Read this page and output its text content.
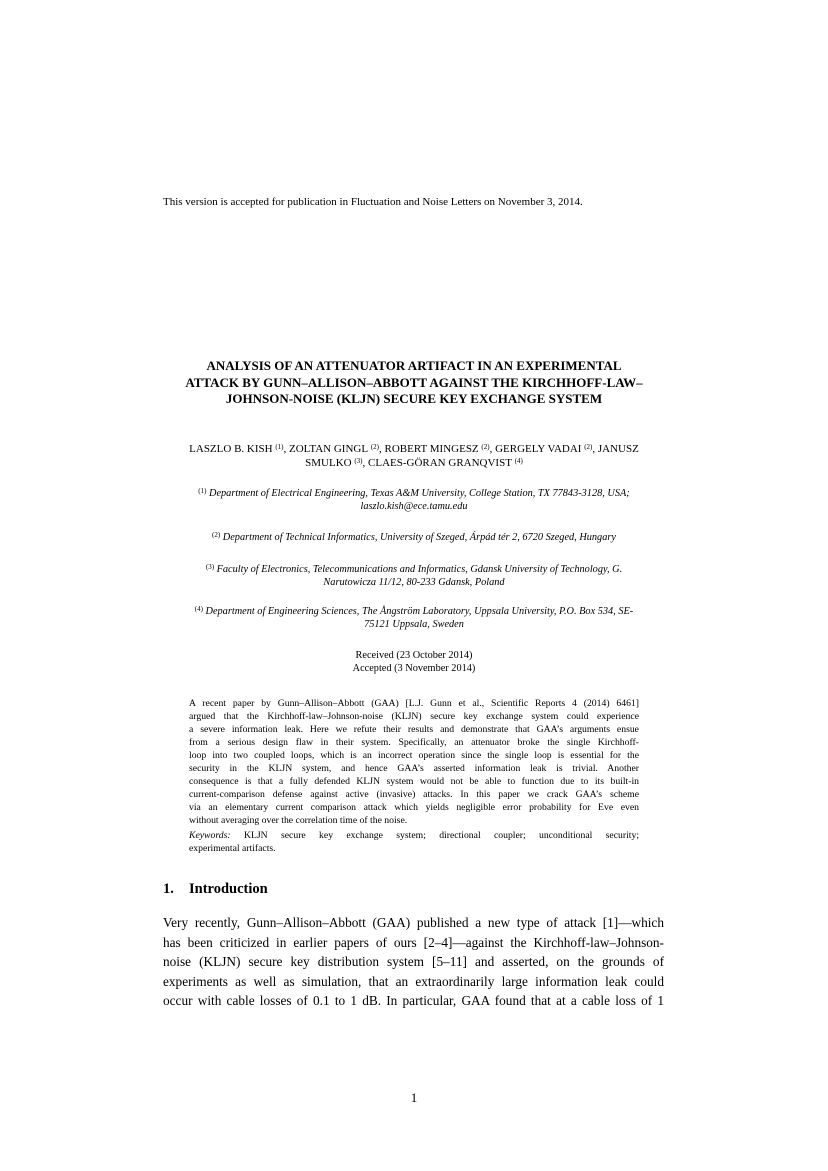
This version is accepted for publication in Fluctuation and Noise Letters on November 3, 2014.
ANALYSIS OF AN ATTENUATOR ARTIFACT IN AN EXPERIMENTAL
ATTACK BY GUNN–ALLISON–ABBOTT AGAINST THE KIRCHHOFF-LAW–
JOHNSON-NOISE (KLJN) SECURE KEY EXCHANGE SYSTEM
LASZLO B. KISH $^{(1)}$, ZOLTAN GINGL $^{(2)}$, ROBERT MINGESZ $^{(2)}$, GERGELY VADAI $^{(2)}$, JANUSZ
SMULKO $^{(3)}$, CLAES-GÖRAN GRANQVIST $^{(4)}$
$^{(1)}$ Department of Electrical Engineering, Texas A&M University, College Station, TX 77843-3128, USA;
laszlo.kish@ece.tamu.edu
$^{(2)}$ Department of Technical Informatics, University of Szeged, Árpád tér 2, 6720 Szeged, Hungary
$^{(3)}$ Faculty of Electronics, Telecommunications and Informatics, Gdansk University of Technology, G.
Narutowicza 11/12, 80-233 Gdansk, Poland
$^{(4)}$ Department of Engineering Sciences, The Ångström Laboratory, Uppsala University, P.O. Box 534, SE-
75121 Uppsala, Sweden
Received (23 October 2014)
Accepted (3 November 2014)
A recent paper by Gunn–Allison–Abbott (GAA) [L.J. Gunn et al., Scientific Reports 4 (2014) 6461]
argued that the Kirchhoff-law–Johnson-noise (KLJN) secure key exchange system could experience
a severe information leak. Here we refute their results and demonstrate that GAA’s arguments ensue
from a serious design flaw in their system. Specifically, an attenuator broke the single Kirchhoff-
loop into two coupled loops, which is an incorrect operation since the single loop is essential for the
security in the KLJN system, and hence GAA’s asserted information leak is trivial. Another
consequence is that a fully defended KLJN system would not be able to function due to its built-in
current-comparison defense against active (invasive) attacks. In this paper we crack GAA’s scheme
via an elementary current comparison attack which yields negligible error probability for Eve even
without averaging over the correlation time of the noise.
Keywords: KLJN secure key exchange system; directional coupler; unconditional security;
experimental artifacts.
1. Introduction
Very recently, Gunn–Allison–Abbott (GAA) published a new type of attack [1]—which
has been criticized in earlier papers of ours [2–4]—against the Kirchhoff-law–Johnson-
noise (KLJN) secure key distribution system [5–11] and asserted, on the grounds of
experiments as well as simulation, that an extraordinarily large information leak could
occur with cable losses of 0.1 to 1 dB. In particular, GAA found that at a cable loss of 1
1
